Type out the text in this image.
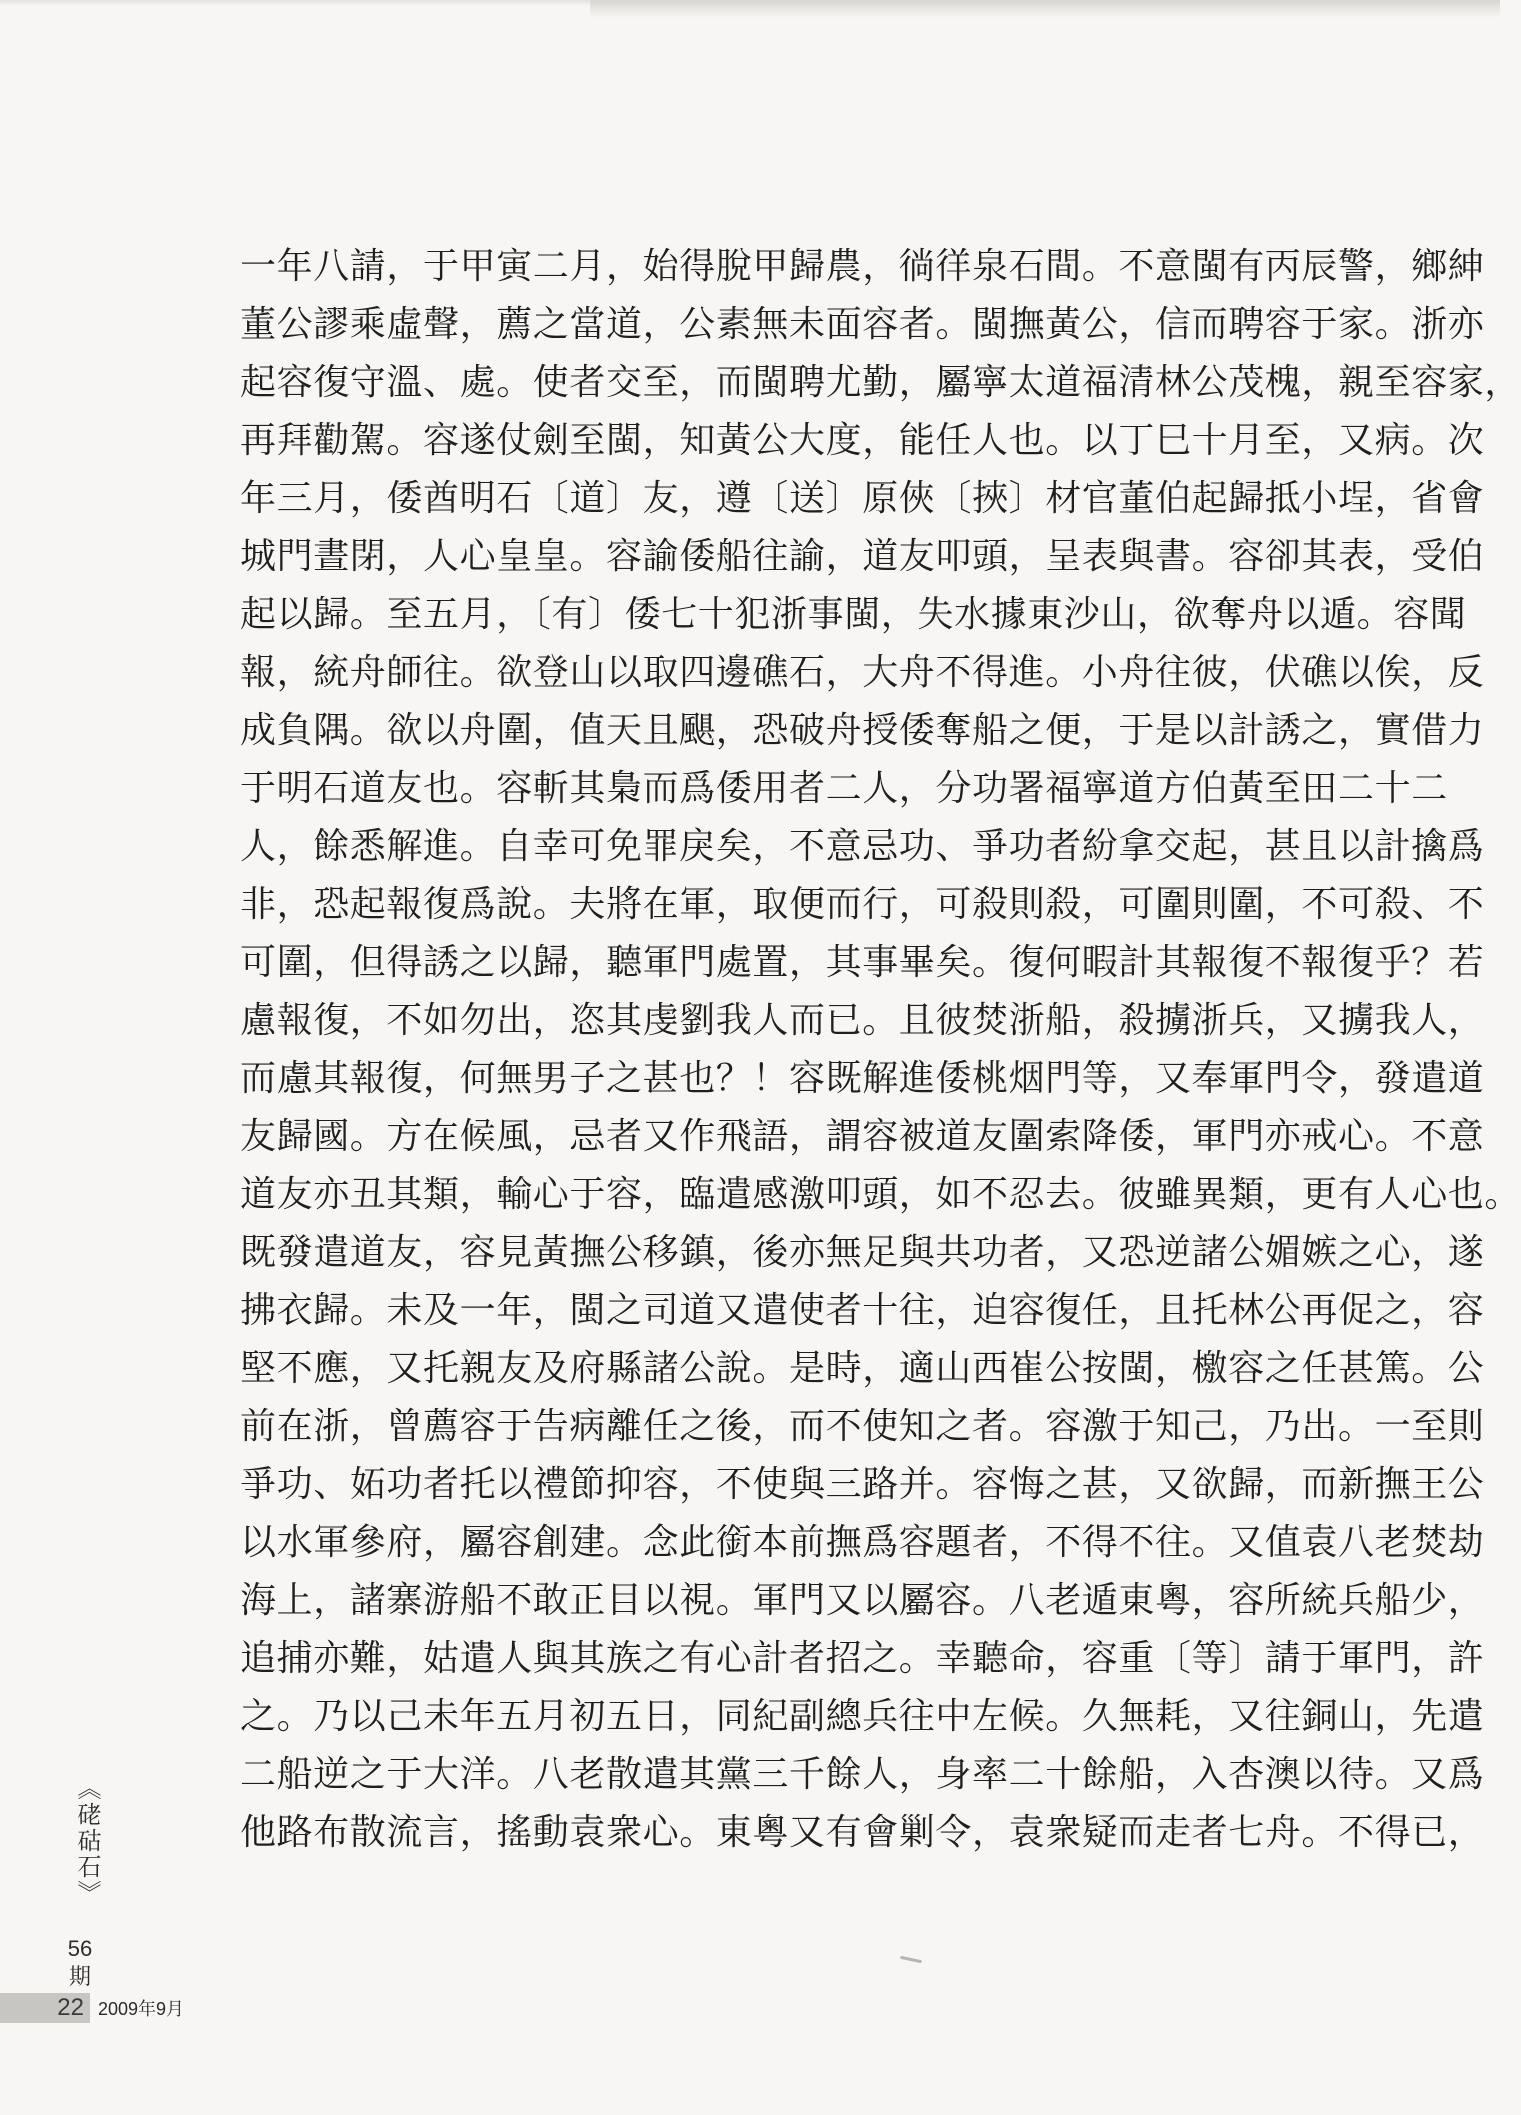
一年八請，于甲寅二月，始得脫甲歸農，徜徉泉石間。不意閩有丙辰警，鄉紳
董公謬乘虛聲，薦之當道，公素無未面容者。閩撫黃公，信而聘容于家。浙亦
起容復守溫、處。使者交至，而閩聘尤勤，屬寧太道福清林公茂槐，親至容家，
再拜勸駕。容遂仗劍至閩，知黃公大度，能任人也。以丁巳十月至，又病。次
年三月，倭酋明石〔道〕友，遵〔送〕原俠〔挾〕材官董伯起歸抵小埕，省會
城門晝閉，人心皇皇。容諭倭船往諭，道友叩頭，呈表與書。容卻其表，受伯
起以歸。至五月，〔有〕倭七十犯浙事閩，失水據東沙山，欲奪舟以遁。容聞
報，統舟師往。欲登山以取四邊礁石，大舟不得進。小舟往彼，伏礁以俟，反
成負隅。欲以舟圍，值天且颶，恐破舟授倭奪船之便，于是以計誘之，實借力
于明石道友也。容斬其梟而爲倭用者二人，分功署福寧道方伯黃至田二十二
人，餘悉解進。自幸可免罪戾矣，不意忌功、爭功者紛拿交起，甚且以計擒爲
非，恐起報復爲說。夫將在軍，取便而行，可殺則殺，可圍則圍，不可殺、不
可圍，但得誘之以歸，聽軍門處置，其事畢矣。復何暇計其報復不報復乎？若
慮報復，不如勿出，恣其虔劉我人而已。且彼焚浙船，殺擄浙兵，又擄我人，
而慮其報復，何無男子之甚也？！容既解進倭桃烟門等，又奉軍門令，發遣道
友歸國。方在候風，忌者又作飛語，謂容被道友圍索降倭，軍門亦戒心。不意
道友亦丑其類，輸心于容，臨遣感激叩頭，如不忍去。彼雖異類，更有人心也。
既發遣道友，容見黃撫公移鎮，後亦無足與共功者，又恐逆諸公媚嫉之心，遂
拂衣歸。未及一年，閩之司道又遣使者十往，迫容復任，且托林公再促之，容
堅不應，又托親友及府縣諸公說。是時，適山西崔公按閩，檄容之任甚篤。公
前在浙，曾薦容于告病離任之後，而不使知之者。容激于知己，乃出。一至則
爭功、妬功者托以禮節抑容，不使與三路并。容悔之甚，又欲歸，而新撫王公
以水軍參府，屬容創建。念此銜本前撫爲容題者，不得不往。又值袁八老焚劫
海上，諸寨游船不敢正目以視。軍門又以屬容。八老遁東粵，容所統兵船少，
追捕亦難，姑遣人與其族之有心計者招之。幸聽命，容重〔等〕請于軍門，許
之。乃以己未年五月初五日，同紀副總兵往中左候。久無耗，又往銅山，先遣
二船逆之于大洋。八老散遣其黨三千餘人，身率二十餘船，入杏澳以待。又爲
他路布散流言，搖動袁衆心。東粵又有會剿令，袁衆疑而走者七舟。不得已，
《硓𥑮石》
56期
22 2009年9月
